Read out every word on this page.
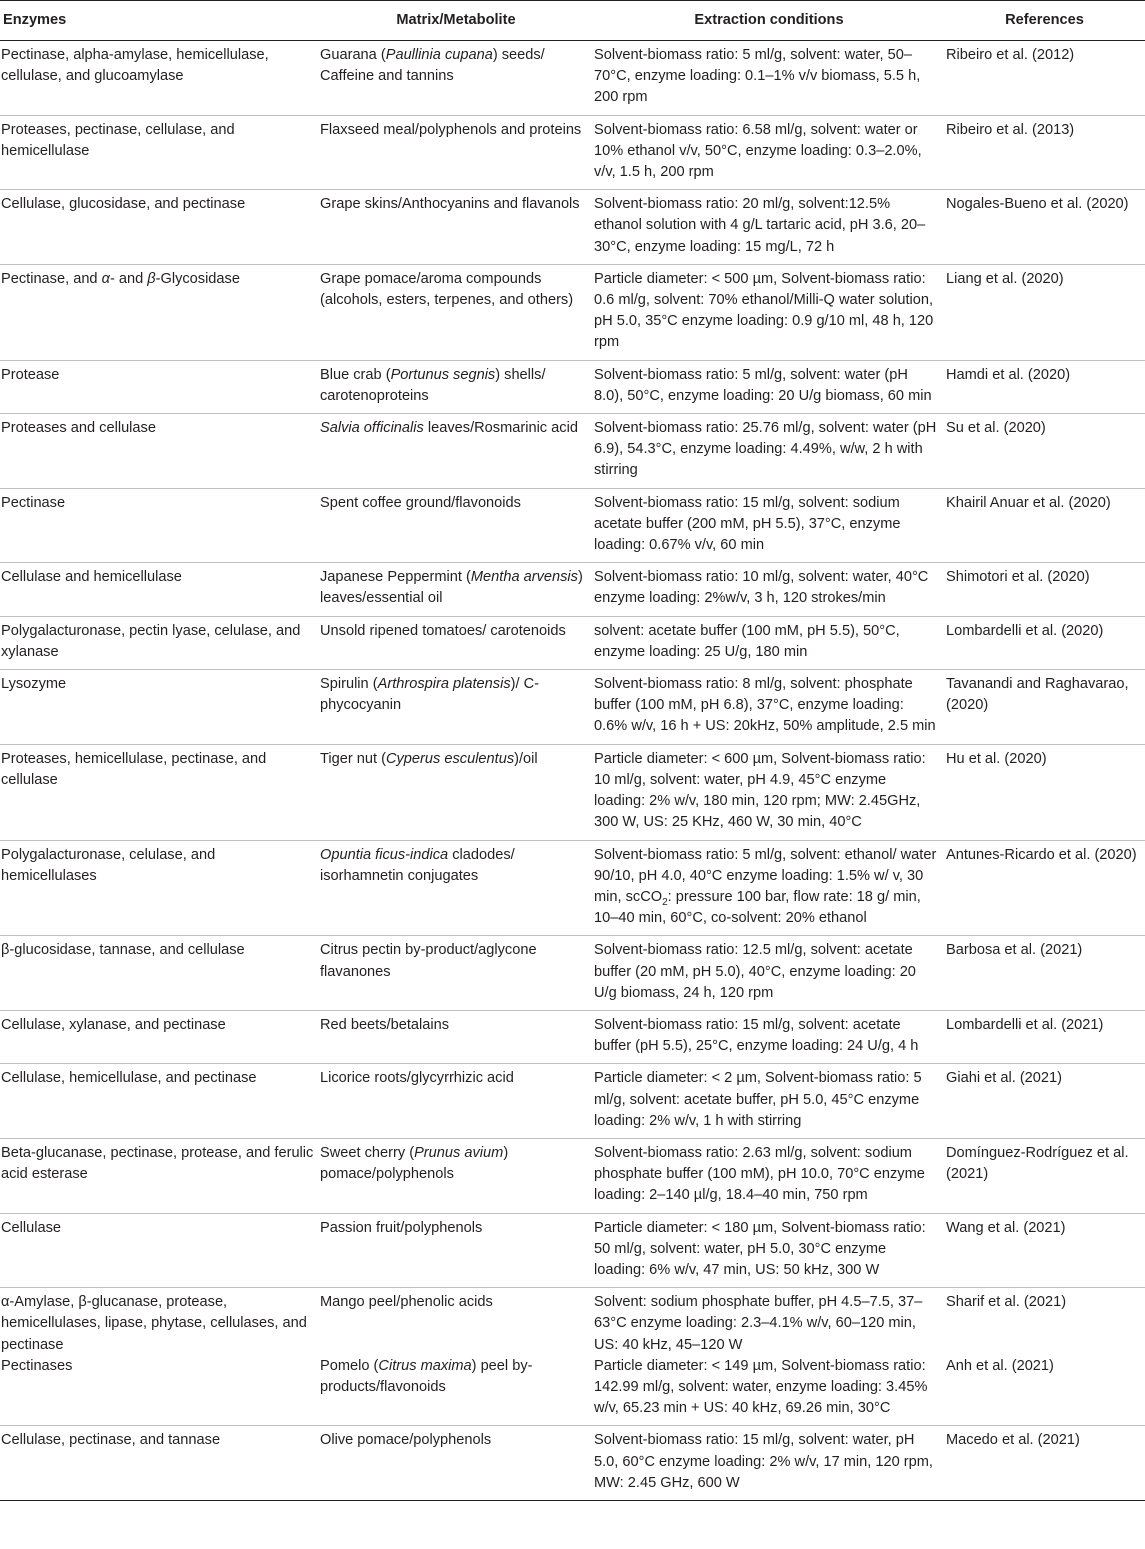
Enzymes	Matrix/Metabolite	Extraction conditions	References
Pectinase, alpha-amylase, hemicellulase, cellulase, and glucoamylase	Guarana (Paullinia cupana) seeds/ Caffeine and tannins	Solvent-biomass ratio: 5 ml/g, solvent: water, 50–70°C, enzyme loading: 0.1–1% v/v biomass, 5.5 h, 200 rpm	Ribeiro et al. (2012)
Proteases, pectinase, cellulase, and hemicellulase	Flaxseed meal/polyphenols and proteins	Solvent-biomass ratio: 6.58 ml/g, solvent: water or 10% ethanol v/v, 50°C, enzyme loading: 0.3–2.0%, v/v, 1.5 h, 200 rpm	Ribeiro et al. (2013)
Cellulase, glucosidase, and pectinase	Grape skins/Anthocyanins and flavanols	Solvent-biomass ratio: 20 ml/g, solvent:12.5% ethanol solution with 4 g/L tartaric acid, pH 3.6, 20–30°C, enzyme loading: 15 mg/L, 72 h	Nogales-Bueno et al. (2020)
Pectinase, and α- and β-Glycosidase	Grape pomace/aroma compounds (alcohols, esters, terpenes, and others)	Particle diameter: < 500 µm, Solvent-biomass ratio: 0.6 ml/g, solvent: 70% ethanol/Milli-Q water solution, pH 5.0, 35°C enzyme loading: 0.9 g/10 ml, 48 h, 120 rpm	Liang et al. (2020)
Protease	Blue crab (Portunus segnis) shells/ carotenoproteins	Solvent-biomass ratio: 5 ml/g, solvent: water (pH 8.0), 50°C, enzyme loading: 20 U/g biomass, 60 min	Hamdi et al. (2020)
Proteases and cellulase	Salvia officinalis leaves/Rosmarinic acid	Solvent-biomass ratio: 25.76 ml/g, solvent: water (pH 6.9), 54.3°C, enzyme loading: 4.49%, w/w, 2 h with stirring	Su et al. (2020)
Pectinase	Spent coffee ground/flavonoids	Solvent-biomass ratio: 15 ml/g, solvent: sodium acetate buffer (200 mM, pH 5.5), 37°C, enzyme loading: 0.67% v/v, 60 min	Khairil Anuar et al. (2020)
Cellulase and hemicellulase	Japanese Peppermint (Mentha arvensis) leaves/essential oil	Solvent-biomass ratio: 10 ml/g, solvent: water, 40°C enzyme loading: 2%w/v, 3 h, 120 strokes/min	Shimotori et al. (2020)
Polygalacturonase, pectin lyase, celulase, and xylanase	Unsold ripened tomatoes/ carotenoids	solvent: acetate buffer (100 mM, pH 5.5), 50°C, enzyme loading: 25 U/g, 180 min	Lombardelli et al. (2020)
Lysozyme	Spirulin (Arthrospira platensis)/ C-phycocyanin	Solvent-biomass ratio: 8 ml/g, solvent: phosphate buffer (100 mM, pH 6.8), 37°C, enzyme loading: 0.6% w/v, 16 h + US: 20kHz, 50% amplitude, 2.5 min	Tavanandi and Raghavarao, (2020)
Proteases, hemicellulase, pectinase, and cellulase	Tiger nut (Cyperus esculentus)/oil	Particle diameter: < 600 µm, Solvent-biomass ratio: 10 ml/g, solvent: water, pH 4.9, 45°C enzyme loading: 2% w/v, 180 min, 120 rpm; MW: 2.45GHz, 300 W, US: 25 KHz, 460 W, 30 min, 40°C	Hu et al. (2020)
Polygalacturonase, celulase, and hemicellulases	Opuntia ficus-indica cladodes/ isorhamnetin conjugates	Solvent-biomass ratio: 5 ml/g, solvent: ethanol/ water 90/10, pH 4.0, 40°C enzyme loading: 1.5% w/ v, 30 min, scCO$_2$: pressure 100 bar, flow rate: 18 g/ min, 10–40 min, 60°C, co-solvent: 20% ethanol	Antunes-Ricardo et al. (2020)
β-glucosidase, tannase, and cellulase	Citrus pectin by-product/aglycone flavanones	Solvent-biomass ratio: 12.5 ml/g, solvent: acetate buffer (20 mM, pH 5.0), 40°C, enzyme loading: 20 U/g biomass, 24 h, 120 rpm	Barbosa et al. (2021)
Cellulase, xylanase, and pectinase	Red beets/betalains	Solvent-biomass ratio: 15 ml/g, solvent: acetate buffer (pH 5.5), 25°C, enzyme loading: 24 U/g, 4 h	Lombardelli et al. (2021)
Cellulase, hemicellulase, and pectinase	Licorice roots/glycyrrhizic acid	Particle diameter: < 2 µm, Solvent-biomass ratio: 5 ml/g, solvent: acetate buffer, pH 5.0, 45°C enzyme loading: 2% w/v, 1 h with stirring	Giahi et al. (2021)
Beta-glucanase, pectinase, protease, and ferulic acid esterase	Sweet cherry (Prunus avium) pomace/polyphenols	Solvent-biomass ratio: 2.63 ml/g, solvent: sodium phosphate buffer (100 mM), pH 10.0, 70°C enzyme loading: 2–140 µl/g, 18.4–40 min, 750 rpm	Domínguez-Rodríguez et al. (2021)
Cellulase	Passion fruit/polyphenols	Particle diameter: < 180 µm, Solvent-biomass ratio: 50 ml/g, solvent: water, pH 5.0, 30°C enzyme loading: 6% w/v, 47 min, US: 50 kHz, 300 W	Wang et al. (2021)
α-Amylase, β-glucanase, protease, hemicellulases, lipase, phytase, cellulases, and pectinase	Mango peel/phenolic acids	Solvent: sodium phosphate buffer, pH 4.5–7.5, 37–63°C enzyme loading: 2.3–4.1% w/v, 60–120 min, US: 40 kHz, 45–120 W	Sharif et al. (2021)
Pectinases	Pomelo (Citrus maxima) peel by-products/flavonoids	Particle diameter: < 149 µm, Solvent-biomass ratio: 142.99 ml/g, solvent: water, enzyme loading: 3.45% w/v, 65.23 min + US: 40 kHz, 69.26 min, 30°C	Anh et al. (2021)
Cellulase, pectinase, and tannase	Olive pomace/polyphenols	Solvent-biomass ratio: 15 ml/g, solvent: water, pH 5.0, 60°C enzyme loading: 2% w/v, 17 min, 120 rpm, MW: 2.45 GHz, 600 W	Macedo et al. (2021)
